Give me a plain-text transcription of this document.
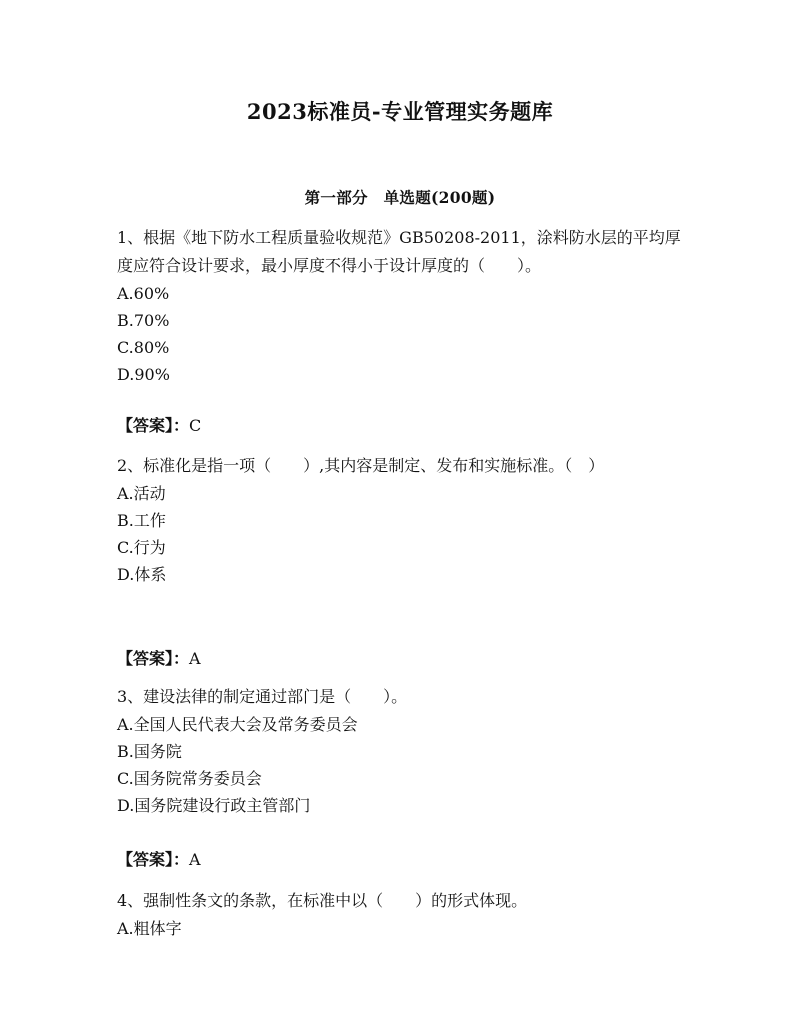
2023标准员-专业管理实务题库
第一部分　单选题(200题)

1、根据《地下防水工程质量验收规范》GB50208-2011，涂料防水层的平均厚度应符合设计要求，最小厚度不得小于设计厚度的（　　）。

A.60%

B.70%

C.80%

D.90%

【答案】：C

2、标准化是指一项（　　）,其内容是制定、发布和实施标准。（　）

A.活动

B.工作

C.行为

D.体系

【答案】：A

3、建设法律的制定通过部门是（　　）。

A.全国人民代表大会及常务委员会

B.国务院

C.国务院常务委员会

D.国务院建设行政主管部门

【答案】：A

4、强制性条文的条款，在标准中以（　　）的形式体现。

A.粗体字
